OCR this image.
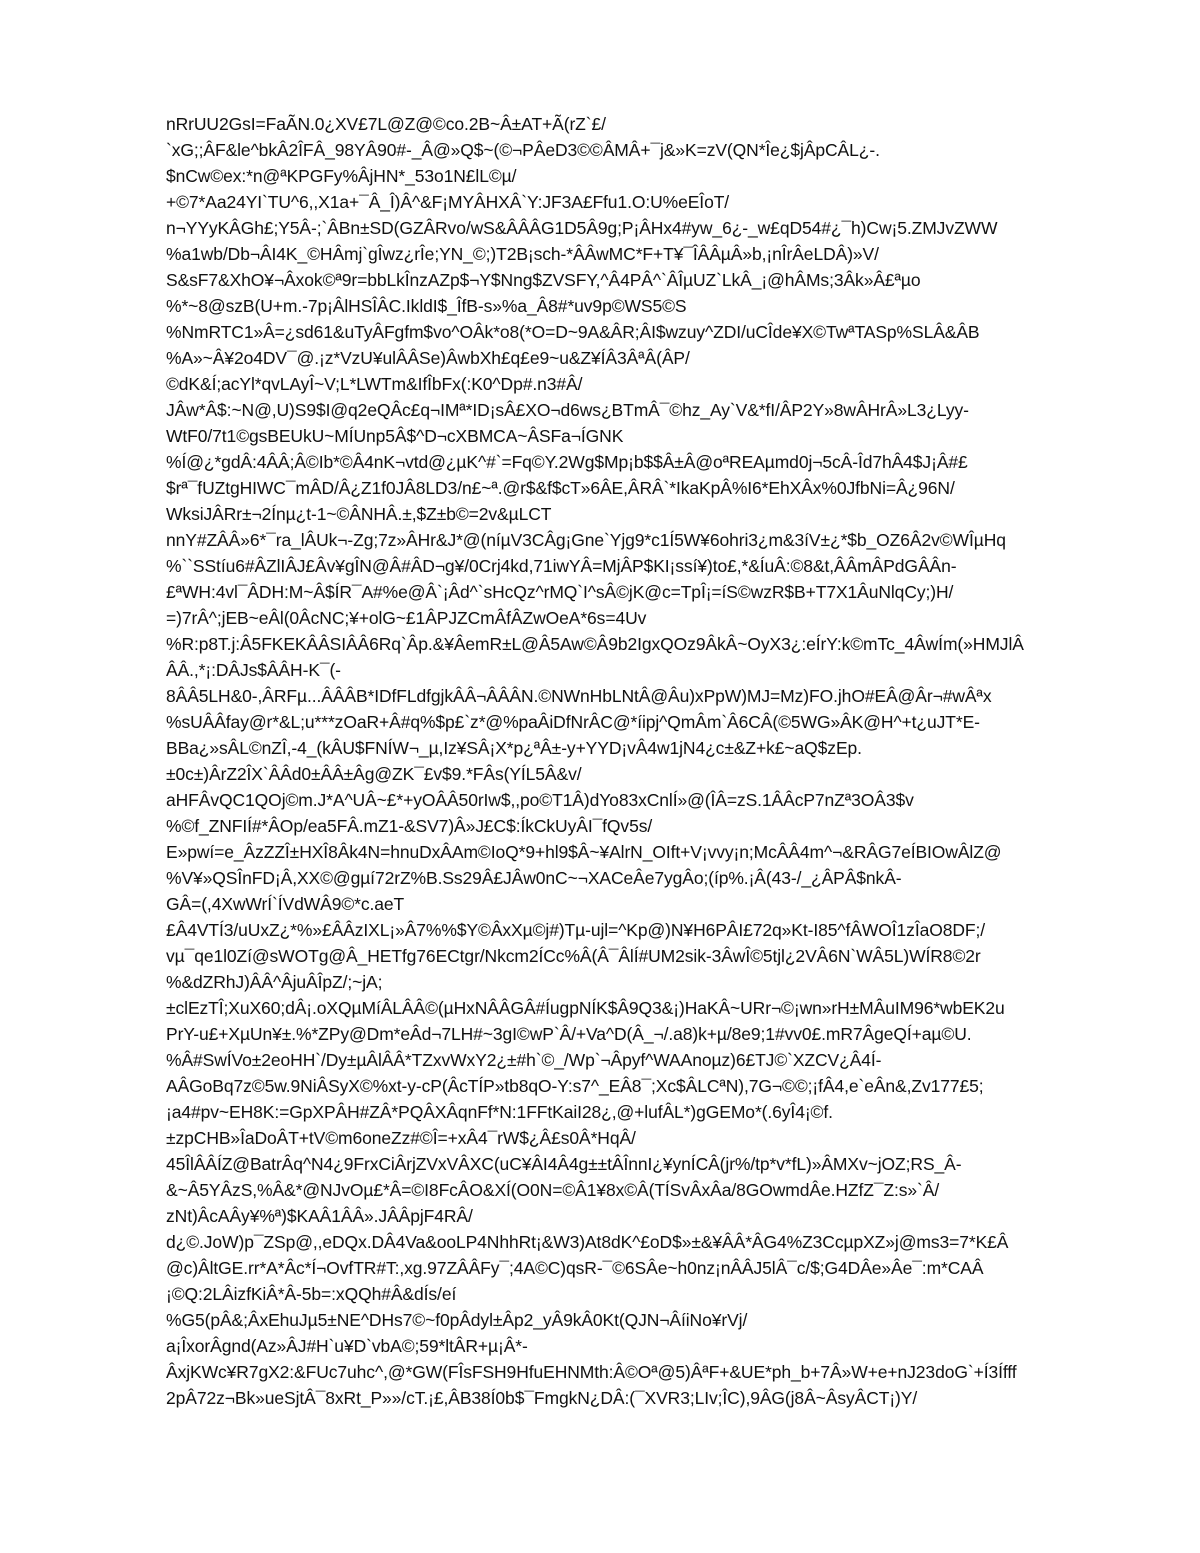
nRrUU2GsI=FaÃN.0¿XV£7L@Z@©co.2B~Â±AT+Ã(rZ`£/
`xG;;ÂF&le^bkÂ2ÎFÂ_98YÂ90#-_Â@»Q$~(©¬PÂeD3©©ÂMÂ+¯j&»K=zV(QN*Îe¿$jÂpCÂL¿-.
$nCw©ex:*n@ªKPGFy%ÂjHN*_53o1N£lL©µ/
+©7*Aa24YI`TU^6,,X1a+¯Â_Î)Â^&F¡MYÂHXÂ`Y:JF3A£Ffu1.O:U%eEÎoT/
n¬YYyKÂGh£;Y5Â-;`ÂBn±SD(GZÂRvo/wS&ÂÂÂG1D5Â9g;P¡ÂHx4#yw_6¿-_w£qD54#¿¯h)Cw¡5.ZMJvZWW
%a1wb/Db¬ÂI4K_©HÂmj`gÎwz¿rÎe;YN_©;)T2B¡sch-*ÂÂwMC*F+T¥¯ÎÂÂµÂ»b,¡nÎrÂeLDÂ)»V/
S&sF7&XhO¥¬Âxok©ª9r=bbLkÎnzAZp$¬Y$Nng$ZVSFY,^Â4PÂ^`ÂÎµUZ`LkÂ_¡@hÂMs;3Âk»Â£ªµo
%*~8@szB(U+m.-7p¡ÂlHSÎÂC.IkldI$_ÎfB-s»%a_Â8#*uv9p©WS5©S
%NmRTC1»Â=¿sd61&uTyÂFgfm$vo^OÂk*o8(*O=D~9A&ÂR;ÂI$wzuy^ZDI/uCÎde¥X©TwªTASp%SLÂ&ÂB
%A»~Â¥2o4DV¯@.¡z*VzU¥ulÂÂSe)ÂwbXh£q£e9~u&Z¥ÍÂ3ÂªÂ(ÂP/
©dK&Í;acYl*qvLAyÎ~V;L*LWTm&IfÎbFx(:K0^Dp#.n3#Â/
JÂw*Â$:~N@,U)S9$I@q2eQÂc£q¬IMª*ID¡sÂ£XO¬d6ws¿BTmÂ¯©hz_Ay`V&*fI/ÂP2Y»8wÂHrÂ»L3¿Lyy-
WtF0/7t1©gsBEUkU~MÍUnp5Â$^D¬cXBMCA~ÂSFa¬ÍGNK
%Í@¿*gdÂ:4ÂÂ;Â©Ib*©Â4nK¬vtd@¿µK^#`=Fq©Y.2Wg$Mp¡b$$Â±Â@oªREAµmd0j¬5cÂ-Îd7hÂ4$J¡Â#£
$rª¯fUZtgHIWC¯mÂD/Â¿Z1f0JÂ8LD3/n£~ª.@r$&f$cT»6ÂE,ÂRÂ`*IkaKpÂ%I6*EhXÂx%0JfbNi=Â¿96N/
WksiJÂRr±¬2Ínµ¿t-1~©ÂNHÂ.±,$Z±b©=2v&µLCT
nnY#ZÂÂ»6*¯ra_lÂUk¬-Zg;7z»ÂHr&J*@(níµV3CÂg¡Gne`Yjg9*c1Í5W¥6ohri3¿m&3íV±¿*$b_OZ6Â2v©WÎµHq
%``SStíu6#ÂZlIÂJ£Âv¥gÎN@Â#ÂD¬g¥/0Crj4kd,71iwYÂ=MjÂP$KI¡ssí¥)to£,*&ÍuÂ:©8&t,ÂÂmÂPdGÂÂn-
£ªWH:4vl¯ÂDH:M~Â$ÍR¯A#%e@Â`¡Âd^`sHcQz^rMQ`I^sÂ©jK@c=TpÎ¡=íS©wzR$B+T7X1ÂuNlqCy;)H/
=)7rÂ^;jEB~eÂl(0ÂcNC;¥+olG~£1ÂPJZCmÂfÂZwOeA*6s=4Uv
%R:p8T.j:Â5FKEKÂÂSIÂÂ6Rq`Âp.&¥ÂemR±L@Â5Aw©Â9b2IgxQOz9ÂkÂ~OyX3¿:eÍrY:k©mTc_4ÂwÍm(»HMJlÂ
ÂÂ.,*¡:DÂJs$ÂÂH-K¯(-
8ÂÂ5LH&0-,ÂRFµ...ÂÂÂB*IDfFLdfgjkÂÂ¬ÂÂÂN.©NWnHbLNtÂ@Âu)xPpW)MJ=Mz)FO.jhO#EÂ@Âr¬#wÂªx
%sUÂÂfay@r*&L;u***zOaR+Â#q%$p£`z*@%paÂiDfNrÂC@*íipj^QmÂm`Â6CÂ(©5WG»ÂK@H^+t¿uJT*E-
BBa¿»sÂL©nZÎ,-4_(kÂU$FNÍW¬_µ,Iz¥SÂ¡X*p¿ªÂ±-y+YYD¡vÂ4w1jN4¿c±&Z+k£~aQ$zEp.
±0c±)ÂrZ2ÎX`ÂÂd0±ÂÂ±Âg@ZK¯£v$9.*FÂs(YÍL5Â&v/
aHFÂvQC1QOj©m.J*A^UÂ~£*+yOÂÂ50rIw$,,po©T1Â)dYo83xCnlÍ»@(ÎÂ=zS.1ÂÂcP7nZª3OÂ3$v
%©f_ZNFIÍ#*ÂOp/ea5FÂ.mZ1-&SV7)Â»J£C$:ÍkCkUyÂI¯fQv5s/
E»pwí=e_ÂzZZÎ±HXÎ8Âk4N=hnuDxÂAm©IoQ*9+hl9$Â~¥AlrN_OIft+V¡vvy¡n;McÂÂ4m^¬&RÂG7eÍBIOwÂlZ@
%V¥»QSÎnFD¡Â,XX©@gµí72rZ%B.Ss29Â£JÂw0nC~¬XACeÂe7ygÂo;(íp%.¡Â(43-/_¿ÂPÂ$nkÂ-
GÂ=(,4XwWrÍ`ÍVdWÂ9©*c.aeT
£Â4VTÍ3/uUxZ¿*%»£ÂÂzIXL¡»Â7%%$Y©ÂxXµ©j#)Tµ-ujl=^Kp@)N¥H6PÂI£72q»Kt-I85^fÂWOÎ1zÎaO8DF;/
vµ¯qe1l0Zí@sWOTg@Â_HETfg76ECtgr/Nkcm2ÍCc%Â(Â¯ÂlÍ#UM2sik-3ÂwÎ©5tjl¿2VÂ6N`WÂ5L)WÍR8©2r
%&dZRhJ)ÂÂ^ÂjuÂÎpZ/;~jA;
±clEzTÎ;XuX60;dÂ¡.oXQµMíÂLÂÂ©(µHxNÂÂGÂ#ÍugpNÍK$Â9Q3&¡)HaKÂ~URr¬©¡wn»rH±MÂuIM96*wbEK2u
PrY-u£+XµUn¥±.%*ZPy@Dm*eÂd¬7LH#~3gI©wP`Â/+Va^D(Â_¬/.a8)k+µ/8e9;1#vv0£.mR7ÂgeQÍ+aµ©U.
%Â#SwÍVo±2eoHH`/Dy±µÂlÂÂ*TZxvWxY2¿±#h`©_/Wp`¬Âpyf^WAAnoµz)6£TJ©`XZCV¿Â4Í-
AÂGoBq7z©5w.9NiÂSyX©%xt-y-cP(ÂcTÍP»tb8qO-Y:s7^_EÂ8¯;Xc$ÂLCªN),7G¬©©;¡fÂ4,e`eÂn&,Zv177£5;
¡a4#pv~EH8K:=GpXPÂH#ZÂ*PQÂXÂqnFf*N:1FFtKaiI28¿,@+lufÂL*)gGEMo*(.6yÎ4¡©f.
±zpCHB»ÎaDoÂT+tV©m6oneZz#©Î=+xÂ4¯rW$¿Â£s0Â*HqÂ/
45ÎlÂÂÍZ@BatrÂq^N4¿9FrxCiÂrjZVxVÂXC(uC¥ÂI4Â4g±±tÂÎnnI¿¥ynÍCÂ(jr%/tp*v*fL)»ÂMXv~jOZ;RS_Â-
&~Â5YÂzS,%Â&*@NJvOµ£*Â=©I8FcÂO&XÍ(O0N=©Â1¥8x©Â(TÍSvÂxÂa/8GOwmdÂe.HZfZ¯Z:s»`Â/
zNt)ÂcAÂy¥%ª)$KAÂ1ÂÂ».JÂÂpjF4RÂ/
d¿©.JoW)p¯ZSp@,,eDQx.DÂ4Va&ooLP4NhhRt¡&W3)At8dK^£oD$»±&¥ÂÂ*ÂG4%Z3CcµpXZ»j@ms3=7*K£Â
@c)ÂltGE.rr*A*Âc*Í¬OvfTR#T:,xg.97ZÂÂFy¯;4A©C)qsR-¯©6SÂe~h0nz¡nÂÂJ5lÂ¯c/$;G4DÂe»Âe¯:m*CAÂ
¡©Q:2LÂizfKiÂ*Â-5b=:xQQh#Â&dÍs/eí
%G5(pÂ&;ÂxEhuJµ5±NE^DHs7©~f0pÂdyl±Âp2_yÂ9kÂ0Kt(QJN¬ÂíiNo¥rVj/
a¡ÎxorÂgnd(Az»ÂJ#H`u¥D`vbA©;59*ltÂR+µ¡Â*-
ÂxjKWc¥R7gX2:&FUc7uhc^,@*GW(FÎsFSH9HfuEHNMth:Â©Oª@5)ÂªF+&UE*ph_b+7Â»W+e+nJ23doG`+Í3Ífff
2pÂ72z¬Bk»ueSjtÂ¯8xRt_P»»/cT.¡£,ÂB38Í0b$¯FmgkN¿DÂ:(¯XVR3;LIv;ÎC),9ÂG(j8Â~ÂsyÂCT¡)Y/
